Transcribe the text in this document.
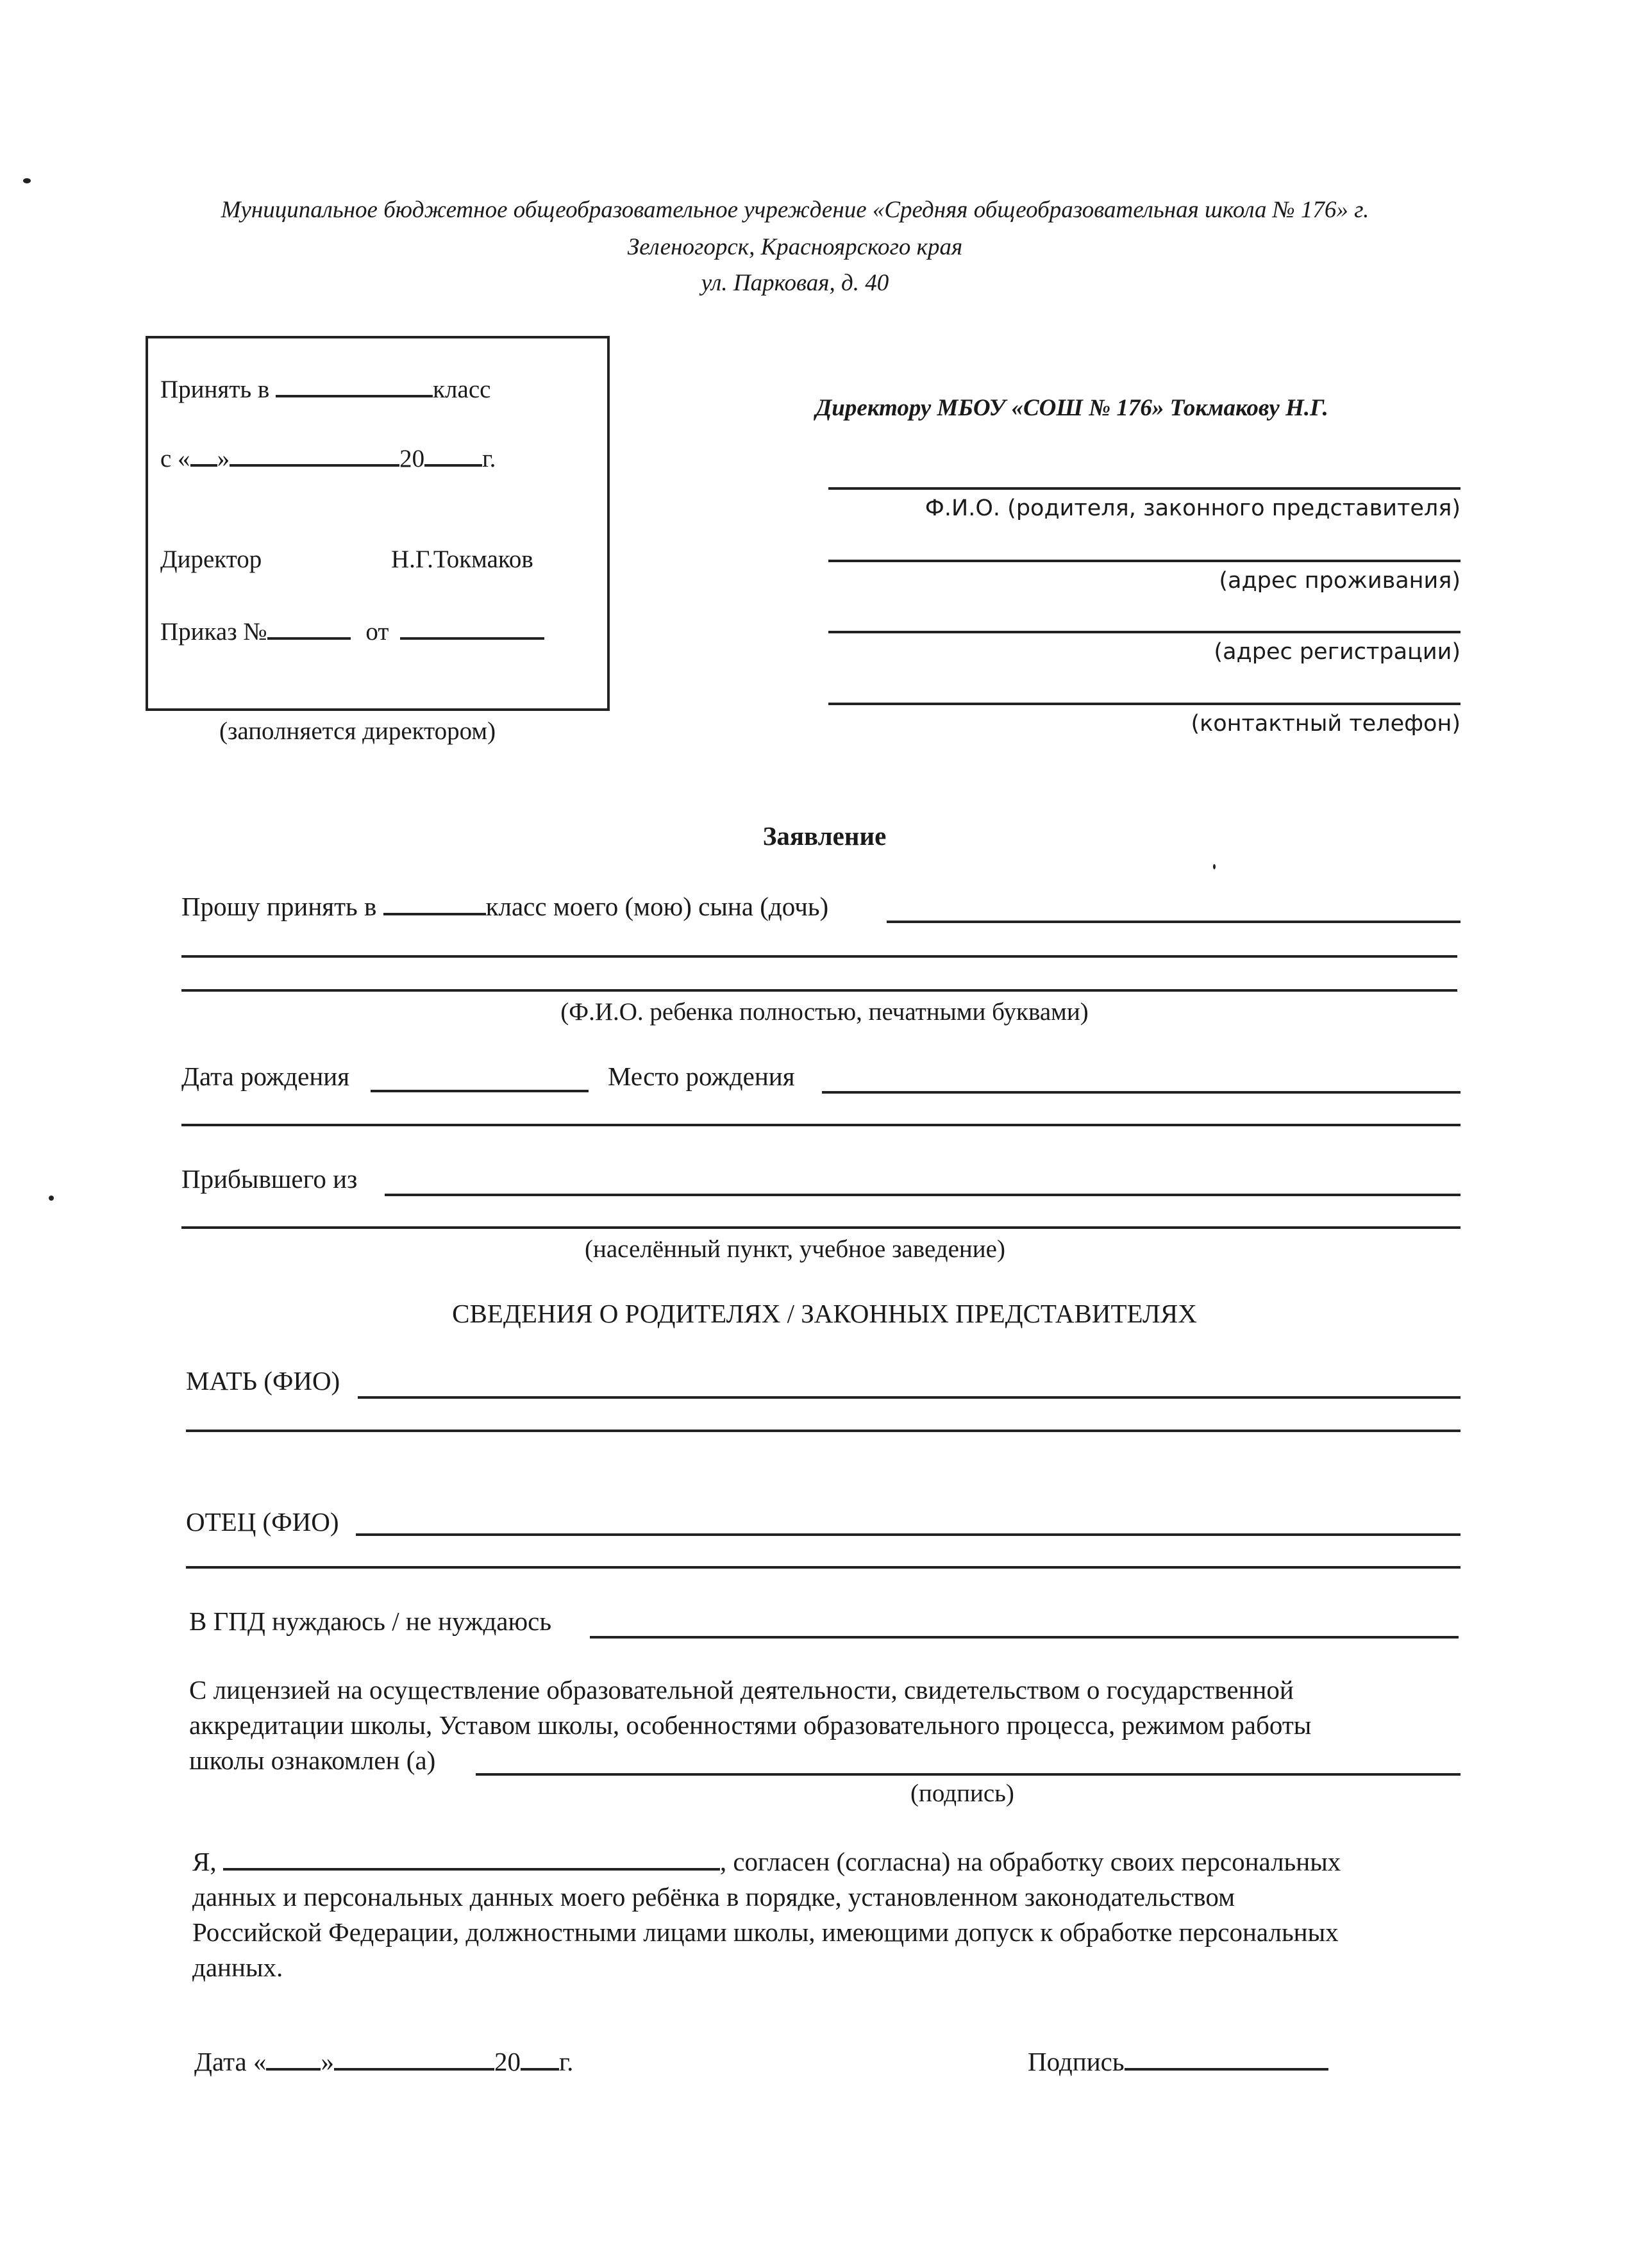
Муниципальное бюджетное общеобразовательное учреждение «Средняя общеобразовательная школа № 176» г.
Зеленогорск, Красноярского края
ул. Парковая, д. 40
Принять в	класс
с « »	20 г.
Директор	Н.Г.Токмаков
Приказ №	от
(заполняется директором)
Директору МБОУ «СОШ № 176» Токмакову Н.Г.
Ф.И.О. (родителя, законного представителя)
(адрес проживания)
(адрес регистрации)
(контактный телефон)
Заявление
Прошу принять в	класс моего (мою) сына (дочь)
(Ф.И.О. ребенка полностью, печатными буквами)
Дата рождения	Место рождения
Прибывшего из
(населённый пункт, учебное заведение)
СВЕДЕНИЯ О РОДИТЕЛЯХ / ЗАКОННЫХ ПРЕДСТАВИТЕЛЯХ
МАТЬ (ФИО)
ОТЕЦ (ФИО)
В ГПД нуждаюсь / не нуждаюсь
С лицензией на осуществление образовательной деятельности, свидетельством о государственной
аккредитации школы, Уставом школы, особенностями образовательного процесса, режимом работы
школы ознакомлен (а)
(подпись)
Я,	, согласен (согласна) на обработку своих персональных
данных и персональных данных моего ребёнка в порядке, установленном законодательством
Российской Федерации, должностными лицами школы, имеющими допуск к обработке персональных
данных.
Дата « »	20 г.	Подпись
